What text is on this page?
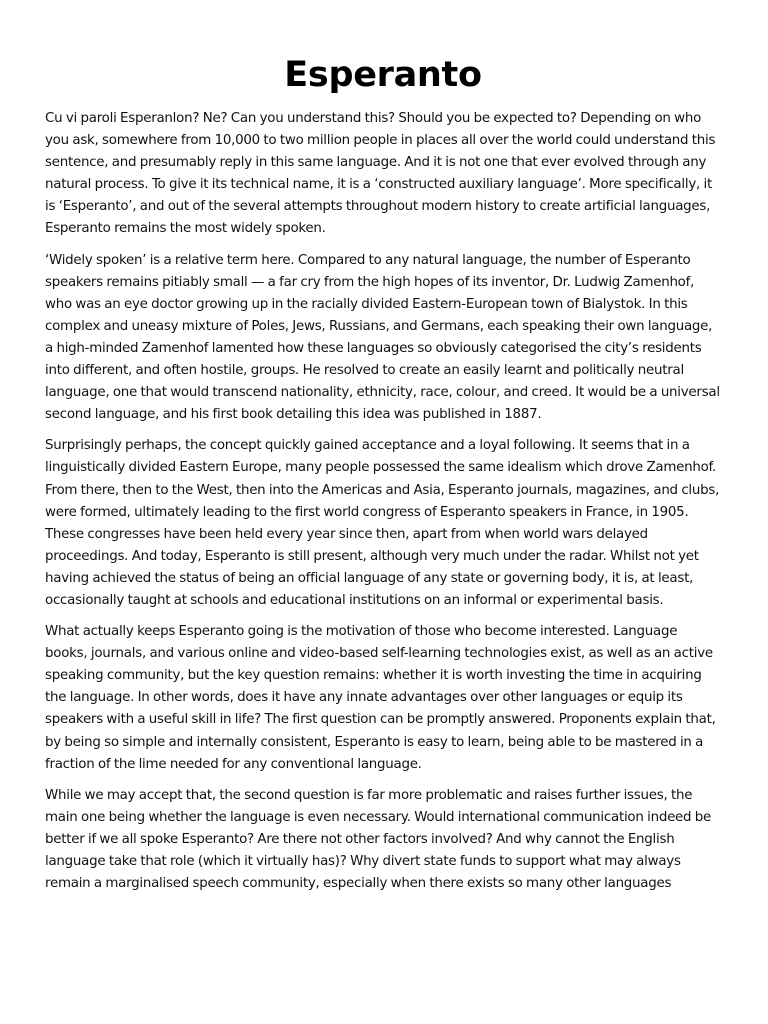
Esperanto

Cu vi paroli Esperanlon? Ne? Can you understand this? Should you be expected to? Depending on who you ask, somewhere from 10,000 to two million people in places all over the world could understand this sentence, and presumably reply in this same language. And it is not one that ever evolved through any natural process. To give it its technical name, it is a ‘constructed auxiliary language’. More specifically, it is ‘Esperanto’, and out of the several attempts throughout modern history to create artificial languages, Esperanto remains the most widely spoken.

‘Widely spoken’ is a relative term here. Compared to any natural language, the number of Esperanto speakers remains pitiably small — a far cry from the high hopes of its inventor, Dr. Ludwig Zamenhof, who was an eye doctor growing up in the racially divided Eastern-European town of Bialystok. In this complex and uneasy mixture of Poles, Jews, Russians, and Germans, each speaking their own language, a high-minded Zamenhof lamented how these languages so obviously categorised the city’s residents into different, and often hostile, groups. He resolved to create an easily learnt and politically neutral language, one that would transcend nationality, ethnicity, race, colour, and creed. It would be a universal second language, and his first book detailing this idea was published in 1887.

Surprisingly perhaps, the concept quickly gained acceptance and a loyal following. It seems that in a linguistically divided Eastern Europe, many people possessed the same idealism which drove Zamenhof. From there, then to the West, then into the Americas and Asia, Esperanto journals, magazines, and clubs, were formed, ultimately leading to the first world congress of Esperanto speakers in France, in 1905. These congresses have been held every year since then, apart from when world wars delayed proceedings. And today, Esperanto is still present, although very much under the radar. Whilst not yet having achieved the status of being an official language of any state or governing body, it is, at least, occasionally taught at schools and educational institutions on an informal or experimental basis.

What actually keeps Esperanto going is the motivation of those who become interested. Language books, journals, and various online and video-based self-learning technologies exist, as well as an active speaking community, but the key question remains: whether it is worth investing the time in acquiring the language. In other words, does it have any innate advantages over other languages or equip its speakers with a useful skill in life? The first question can be promptly answered. Proponents explain that, by being so simple and internally consistent, Esperanto is easy to learn, being able to be mastered in a fraction of the lime needed for any conventional language.

While we may accept that, the second question is far more problematic and raises further issues, the main one being whether the language is even necessary. Would international communication indeed be better if we all spoke Esperanto? Are there not other factors involved? And why cannot the English language take that role (which it virtually has)? Why divert state funds to support what may always remain a marginalised speech community, especially when there exists so many other languages
